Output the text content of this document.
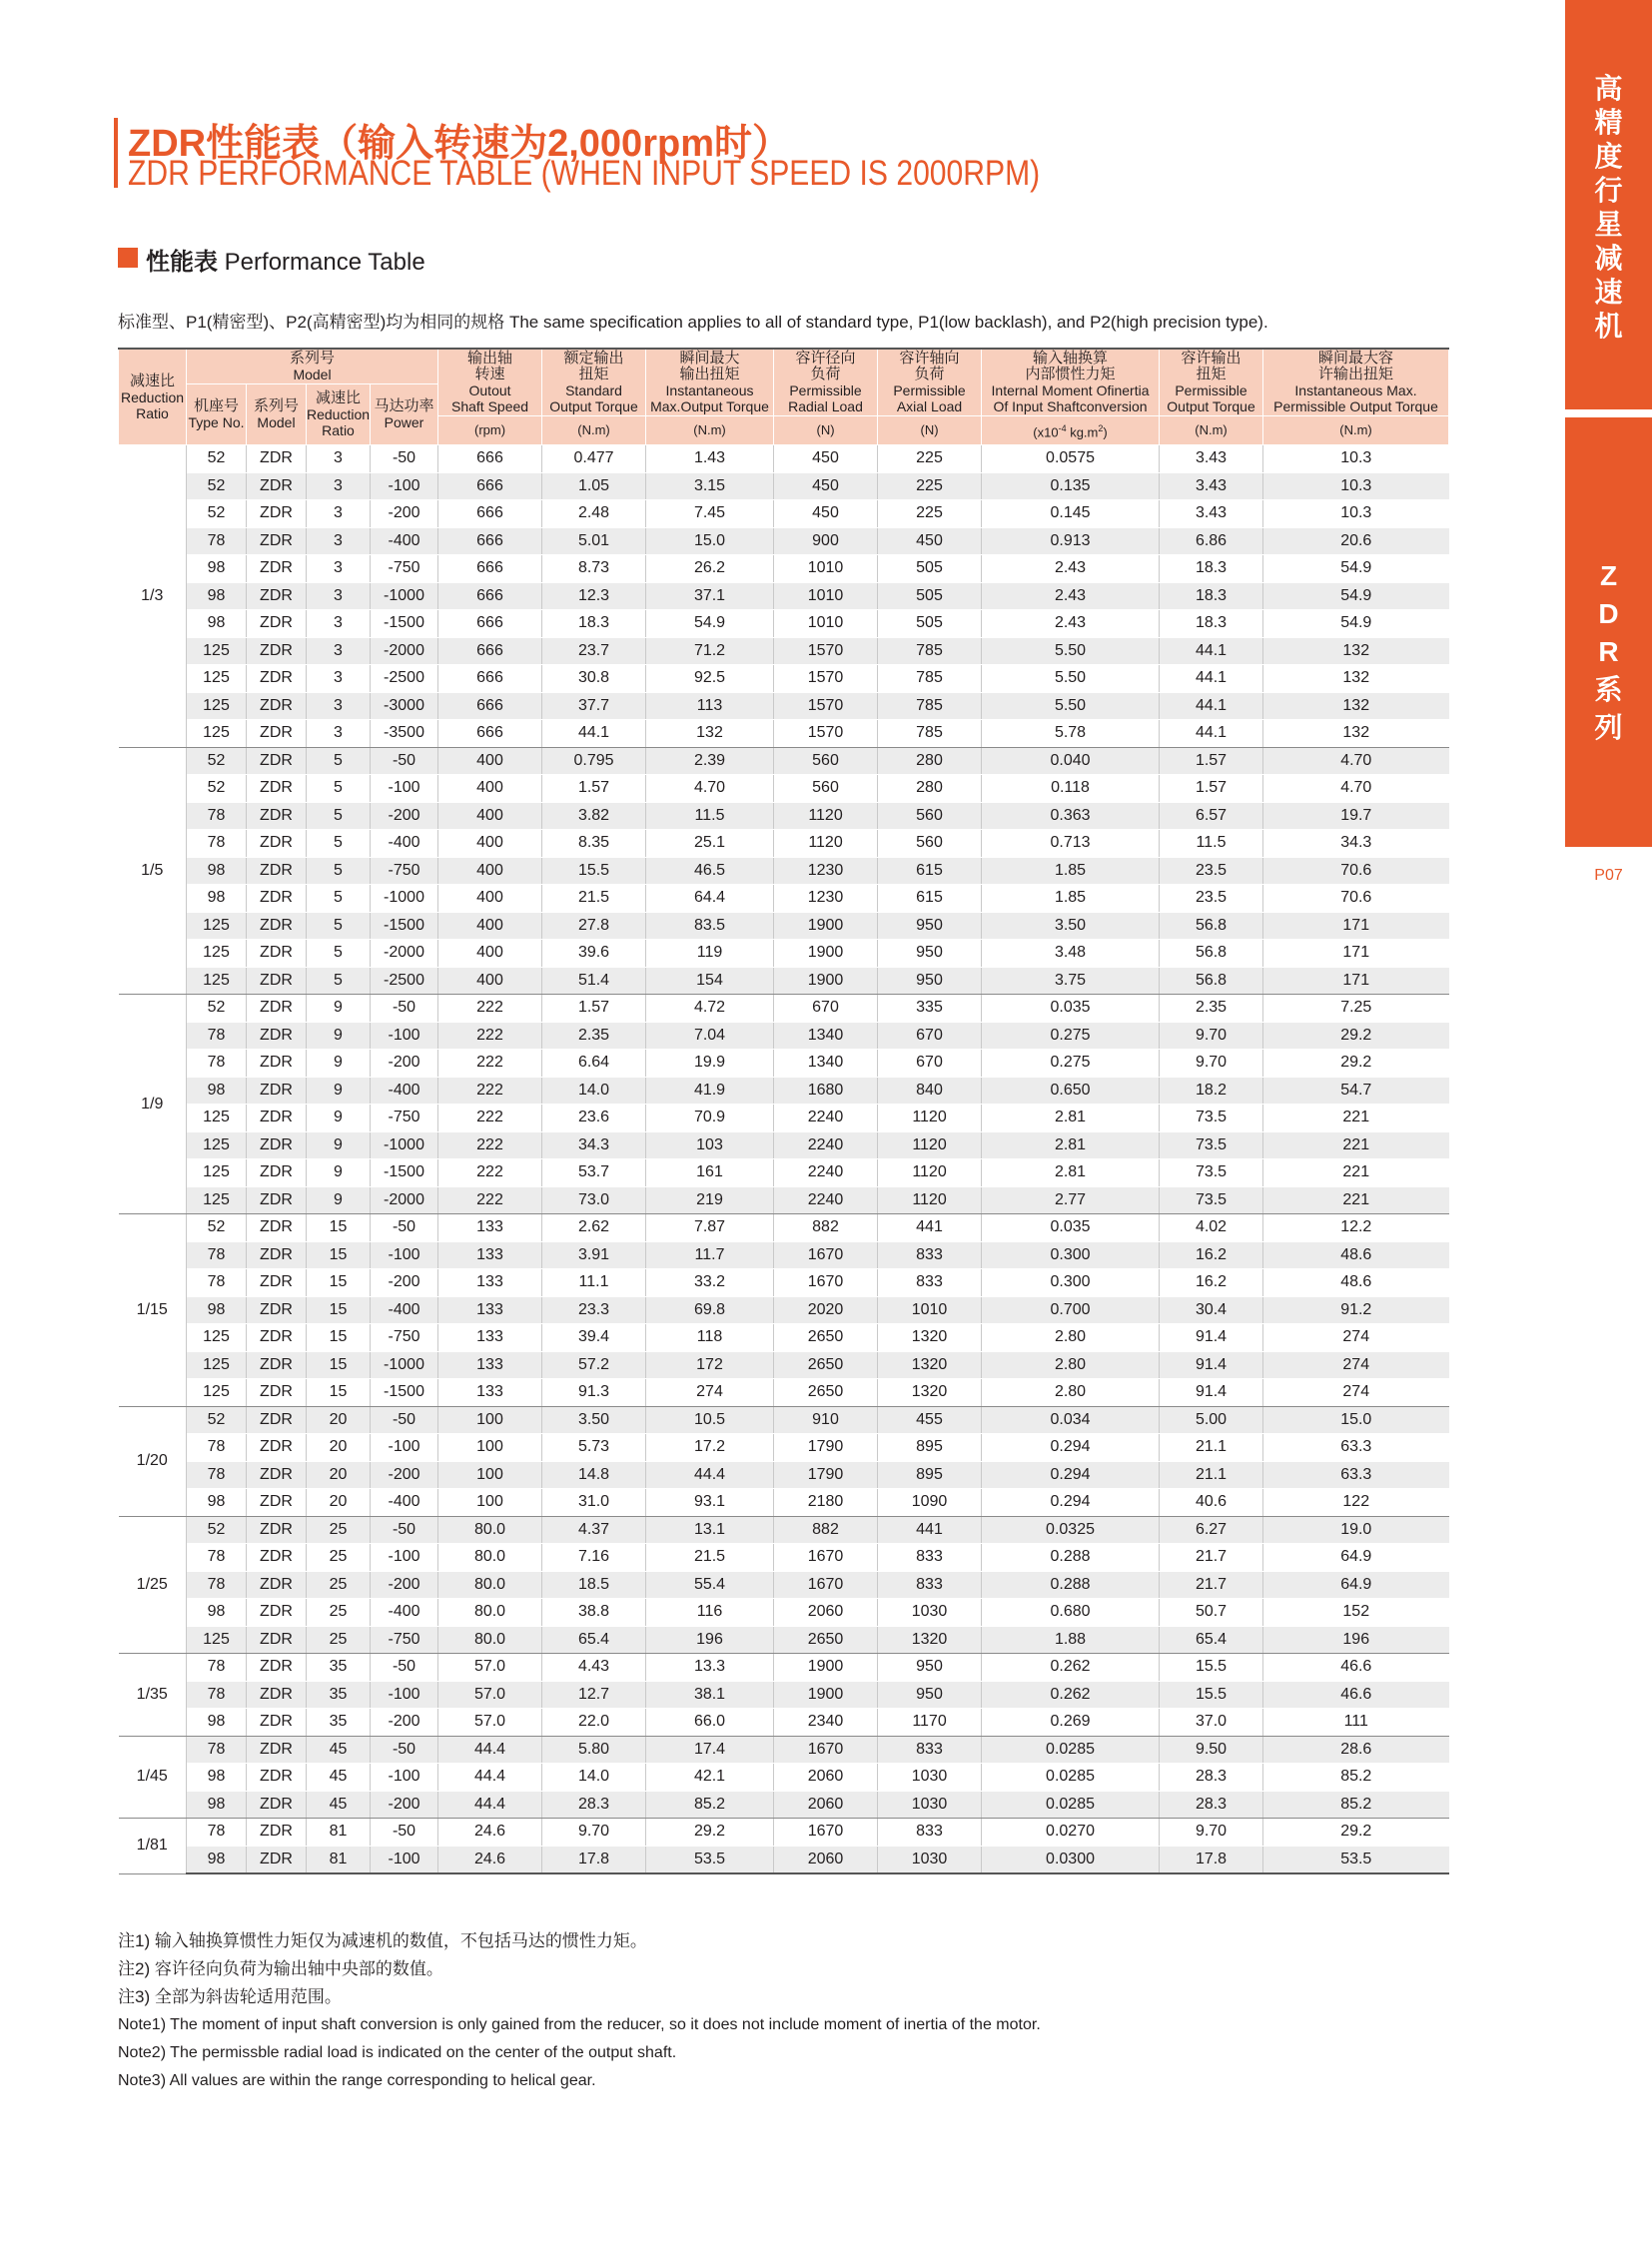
高
精
度
行
星
减
速
机
Z
D
R
系
列
P07
ZDR性能表（输入转速为2,000rpm时）
ZDR PERFORMANCE TABLE (WHEN INPUT SPEED IS 2000RPM)
性能表 Performance Table
标准型、P1(精密型)、P2(高精密型)均为相同的规格 The same specification applies to all of standard type, P1(low backlash), and P2(high precision type).
减速比
Reduction
Ratio	系列号
Model				输出轴
转速
Outout
Shaft Speed	额定输出
扭矩
Standard
Output Torque	瞬间最大
输出扭矩
Instantaneous
Max.Output Torque	容许径向
负荷
Permissible
Radial Load	容许轴向
负荷
Permissible
Axial Load	输入轴换算
内部惯性力矩
Internal Moment Ofinertia
Of Input Shaftconversion	容许输出
扭矩
Permissible
Output Torque	瞬间最大容
许输出扭矩
Instantaneous Max.
Permissible Output Torque

	机座号
Type No.	系列号
Model	减速比
Reduction
Ratio	马达功率
Power								

					(rpm)	(N.m)	(N.m)	(N)	(N)	($x10^{-4}$ $kg.m^2$)	(N.m)	(N.m)
1/3	52	ZDR	3	-50	666	0.477	1.43	450	225	0.0575	3.43	10.3
	52	ZDR	3	-100	666	1.05	3.15	450	225	0.135	3.43	10.3
	52	ZDR	3	-200	666	2.48	7.45	450	225	0.145	3.43	10.3
	78	ZDR	3	-400	666	5.01	15.0	900	450	0.913	6.86	20.6
	98	ZDR	3	-750	666	8.73	26.2	1010	505	2.43	18.3	54.9
	98	ZDR	3	-1000	666	12.3	37.1	1010	505	2.43	18.3	54.9
	98	ZDR	3	-1500	666	18.3	54.9	1010	505	2.43	18.3	54.9
	125	ZDR	3	-2000	666	23.7	71.2	1570	785	5.50	44.1	132
	125	ZDR	3	-2500	666	30.8	92.5	1570	785	5.50	44.1	132
	125	ZDR	3	-3000	666	37.7	113	1570	785	5.50	44.1	132
	125	ZDR	3	-3500	666	44.1	132	1570	785	5.78	44.1	132
1/5	52	ZDR	5	-50	400	0.795	2.39	560	280	0.040	1.57	4.70
	52	ZDR	5	-100	400	1.57	4.70	560	280	0.118	1.57	4.70
	78	ZDR	5	-200	400	3.82	11.5	1120	560	0.363	6.57	19.7
	78	ZDR	5	-400	400	8.35	25.1	1120	560	0.713	11.5	34.3
	98	ZDR	5	-750	400	15.5	46.5	1230	615	1.85	23.5	70.6
	98	ZDR	5	-1000	400	21.5	64.4	1230	615	1.85	23.5	70.6
	125	ZDR	5	-1500	400	27.8	83.5	1900	950	3.50	56.8	171
	125	ZDR	5	-2000	400	39.6	119	1900	950	3.48	56.8	171
	125	ZDR	5	-2500	400	51.4	154	1900	950	3.75	56.8	171
1/9	52	ZDR	9	-50	222	1.57	4.72	670	335	0.035	2.35	7.25
	78	ZDR	9	-100	222	2.35	7.04	1340	670	0.275	9.70	29.2
	78	ZDR	9	-200	222	6.64	19.9	1340	670	0.275	9.70	29.2
	98	ZDR	9	-400	222	14.0	41.9	1680	840	0.650	18.2	54.7
	125	ZDR	9	-750	222	23.6	70.9	2240	1120	2.81	73.5	221
	125	ZDR	9	-1000	222	34.3	103	2240	1120	2.81	73.5	221
	125	ZDR	9	-1500	222	53.7	161	2240	1120	2.81	73.5	221
	125	ZDR	9	-2000	222	73.0	219	2240	1120	2.77	73.5	221
1/15	52	ZDR	15	-50	133	2.62	7.87	882	441	0.035	4.02	12.2
	78	ZDR	15	-100	133	3.91	11.7	1670	833	0.300	16.2	48.6
	78	ZDR	15	-200	133	11.1	33.2	1670	833	0.300	16.2	48.6
	98	ZDR	15	-400	133	23.3	69.8	2020	1010	0.700	30.4	91.2
	125	ZDR	15	-750	133	39.4	118	2650	1320	2.80	91.4	274
	125	ZDR	15	-1000	133	57.2	172	2650	1320	2.80	91.4	274
	125	ZDR	15	-1500	133	91.3	274	2650	1320	2.80	91.4	274
1/20	52	ZDR	20	-50	100	3.50	10.5	910	455	0.034	5.00	15.0
	78	ZDR	20	-100	100	5.73	17.2	1790	895	0.294	21.1	63.3
	78	ZDR	20	-200	100	14.8	44.4	1790	895	0.294	21.1	63.3
	98	ZDR	20	-400	100	31.0	93.1	2180	1090	0.294	40.6	122
1/25	52	ZDR	25	-50	80.0	4.37	13.1	882	441	0.0325	6.27	19.0
	78	ZDR	25	-100	80.0	7.16	21.5	1670	833	0.288	21.7	64.9
	78	ZDR	25	-200	80.0	18.5	55.4	1670	833	0.288	21.7	64.9
	98	ZDR	25	-400	80.0	38.8	116	2060	1030	0.680	50.7	152
	125	ZDR	25	-750	80.0	65.4	196	2650	1320	1.88	65.4	196
1/35	78	ZDR	35	-50	57.0	4.43	13.3	1900	950	0.262	15.5	46.6
	78	ZDR	35	-100	57.0	12.7	38.1	1900	950	0.262	15.5	46.6
	98	ZDR	35	-200	57.0	22.0	66.0	2340	1170	0.269	37.0	111
1/45	78	ZDR	45	-50	44.4	5.80	17.4	1670	833	0.0285	9.50	28.6
	98	ZDR	45	-100	44.4	14.0	42.1	2060	1030	0.0285	28.3	85.2
	98	ZDR	45	-200	44.4	28.3	85.2	2060	1030	0.0285	28.3	85.2
1/81	78	ZDR	81	-50	24.6	9.70	29.2	1670	833	0.0270	9.70	29.2
	98	ZDR	81	-100	24.6	17.8	53.5	2060	1030	0.0300	17.8	53.5
注1) 输入轴换算惯性力矩仅为减速机的数值，不包括马达的惯性力矩。
注2) 容许径向负荷为输出轴中央部的数值。
注3) 全部为斜齿轮适用范围。
Note1) The moment of input shaft conversion is only gained from the reducer, so it does not include moment of inertia of the motor.
Note2) The permissble radial load is indicated on the center of the output shaft.
Note3) All values are within the range corresponding to helical gear.
